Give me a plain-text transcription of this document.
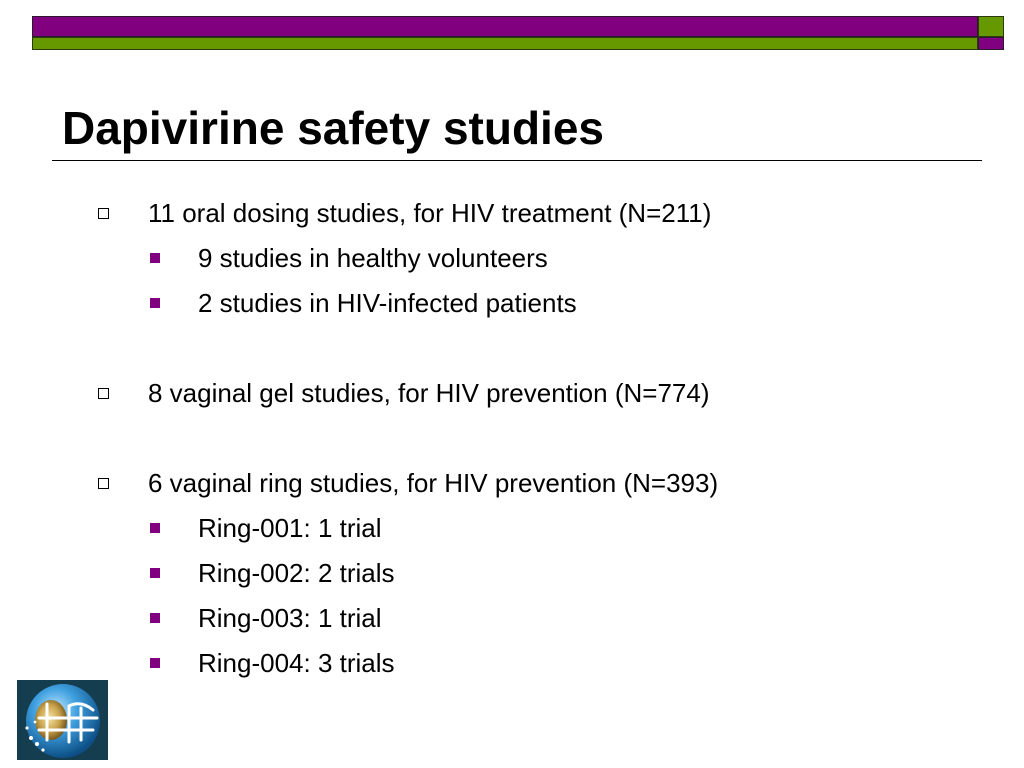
Dapivirine safety studies
11 oral dosing studies, for HIV treatment (N=211)
9 studies in healthy volunteers
2 studies in HIV-infected patients
8 vaginal gel studies, for HIV prevention (N=774)
6 vaginal ring studies, for HIV prevention (N=393)
Ring-001: 1 trial
Ring-002: 2 trials
Ring-003: 1 trial
Ring-004: 3 trials
